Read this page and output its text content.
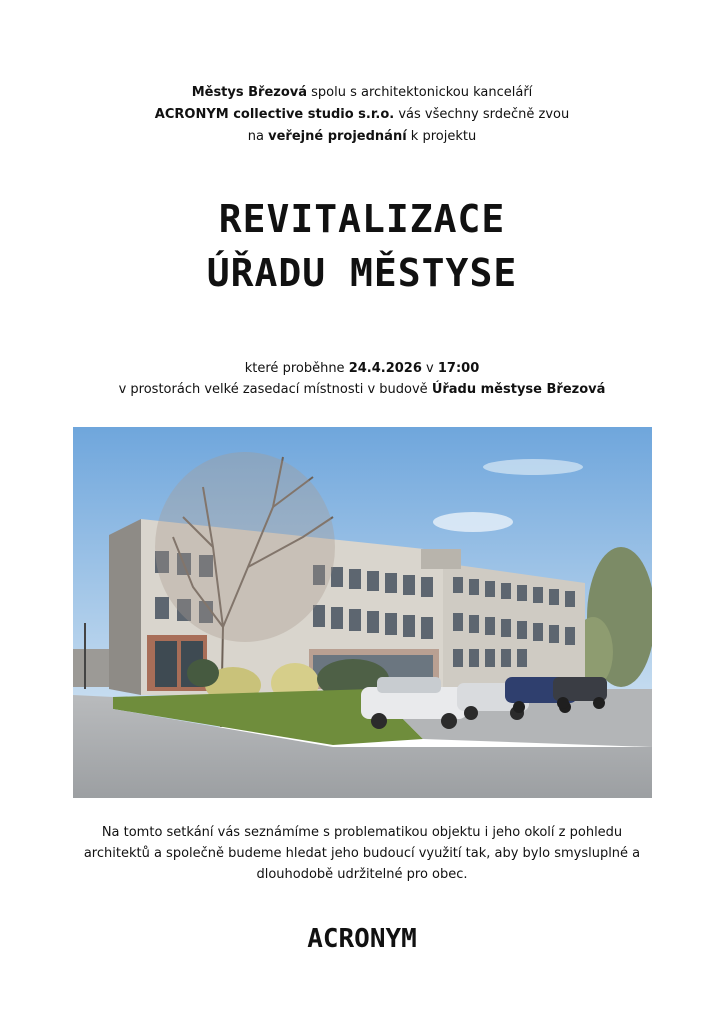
Městys Březová spolu s architektonickou kanceláří
ACRONYM collective studio s.r.o. vás všechny srdečně zvou
na veřejné projednání k projektu
REVITALIZACE
ÚŘADU MĚSTYSE
které proběhne 24.4.2026 v 17:00
v prostorách velké zasedací místnosti v budově Úřadu městyse Březová
Na tomto setkání vás seznámíme s problematikou objektu i jeho okolí z pohledu
architektů a společně budeme hledat jeho budoucí využití tak, aby bylo smysluplné a
dlouhodobě udržitelné pro obec.
ACRONYM
